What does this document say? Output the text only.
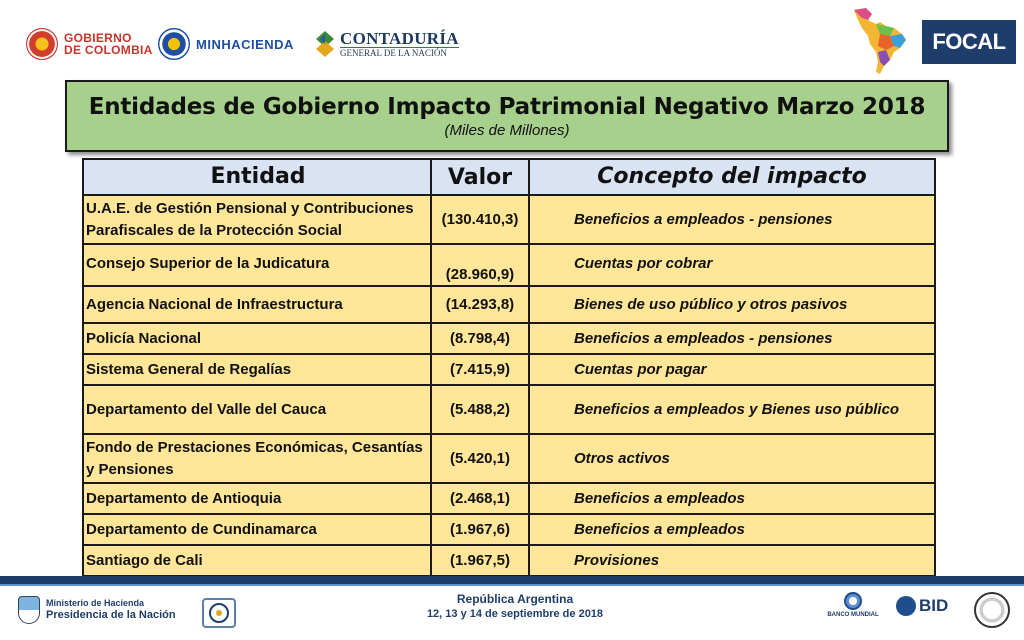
GOBIERNO
DE COLOMBIA	MINHACIENDA	CONTADURÍA
GENERAL DE LA NACIÓN	FOCAL
Entidades de Gobierno Impacto Patrimonial Negativo Marzo 2018
(Miles de Millones)
Entidad	Valor	Concepto del impacto
U.A.E. de Gestión Pensional y Contribuciones Parafiscales de la Protección Social	(130.410,3)	Beneficios a empleados - pensiones
Consejo Superior de la Judicatura	(28.960,9)	Cuentas por cobrar
Agencia Nacional de Infraestructura	(14.293,8)	Bienes de uso público y otros pasivos
Policía Nacional	(8.798,4)	Beneficios a empleados - pensiones
Sistema General de Regalías	(7.415,9)	Cuentas por pagar
Departamento del Valle del Cauca	(5.488,2)	Beneficios a empleados y Bienes uso público
Fondo de Prestaciones Económicas, Cesantías y Pensiones	(5.420,1)	Otros activos
Departamento de Antioquia	(2.468,1)	Beneficios a empleados
Departamento de Cundinamarca	(1.967,6)	Beneficios a empleados
Santiago de Cali	(1.967,5)	Provisiones
Ministerio de Hacienda
Presidencia de la Nación
República Argentina
12, 13 y 14 de septiembre de 2018	BANCO MUNDIAL BID
